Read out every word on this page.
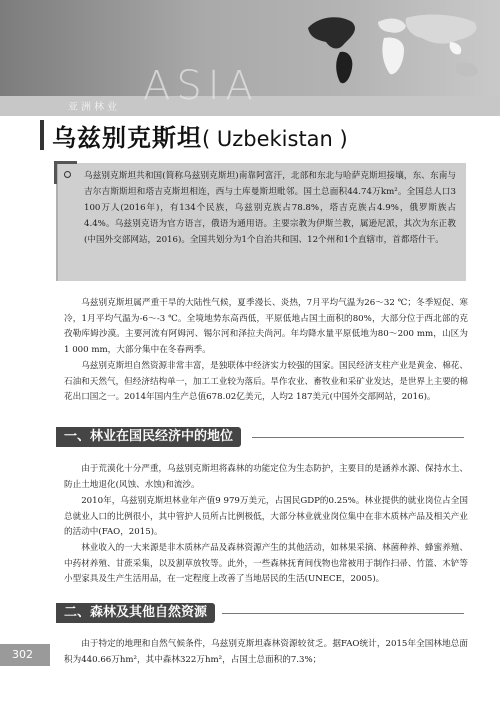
ASIA
亚洲林业
乌兹别克斯坦( Uzbekistan )
乌兹别克斯坦共和国(简称乌兹别克斯坦)南靠阿富汗，北部和东北与哈萨克斯坦接壤，东、东南与吉尔吉斯斯坦和塔吉克斯坦相连，西与土库曼斯坦毗邻。国土总面积44.74万km²。全国总人口3 100万人(2016年)，有134个民族，乌兹别克族占78.8%，塔吉克族占4.9%，俄罗斯族占4.4%。乌兹别克语为官方语言，俄语为通用语。主要宗教为伊斯兰教，属逊尼派，其次为东正教(中国外交部网站，2016)。全国共划分为1个自治共和国、12个州和1个直辖市，首都塔什干。
乌兹别克斯坦属严重干旱的大陆性气候，夏季漫长、炎热，7月平均气温为26～32 ℃；冬季短促、寒冷，1月平均气温为-6～-3 ℃。全境地势东高西低，平原低地占国土面积的80%，大部分位于西北部的克孜勒库姆沙漠。主要河流有阿姆河、锡尔河和泽拉夫尚河。年均降水量平原低地为80～200 mm，山区为1 000 mm，大部分集中在冬春两季。
乌兹别克斯坦自然资源非常丰富，是独联体中经济实力较强的国家。国民经济支柱产业是黄金、棉花、石油和天然气，但经济结构单一，加工工业较为落后。旱作农业、畜牧业和采矿业发达，是世界上主要的棉花出口国之一。2014年国内生产总值678.02亿美元，人均2 187美元(中国外交部网站，2016)。
一、林业在国民经济中的地位
由于荒漠化十分严重，乌兹别克斯坦将森林的功能定位为生态防护，主要目的是涵养水源、保持水土、防止土地退化(风蚀、水蚀)和流沙。
2010年，乌兹别克斯坦林业年产值9 979万美元，占国民GDP的0.25%。林业提供的就业岗位占全国总就业人口的比例很小，其中管护人员所占比例极低，大部分林业就业岗位集中在非木质林产品及相关产业的活动中(FAO，2015)。
林业收入的一大来源是非木质林产品及森林资源产生的其他活动，如林果采摘、林菌种养、蜂蜜养殖、中药材养殖、甘蔗采集，以及割草放牧等。此外，一些森林抚育间伐物也常被用于制作扫帚、竹篮、木铲等小型家具及生产生活用品，在一定程度上改善了当地居民的生活(UNECE，2005)。
二、森林及其他自然资源
由于特定的地理和自然气候条件，乌兹别克斯坦森林资源较贫乏。据FAO统计，2015年全国林地总面积为440.66万hm²，其中森林322万hm²，占国土总面积的7.3%；
302
